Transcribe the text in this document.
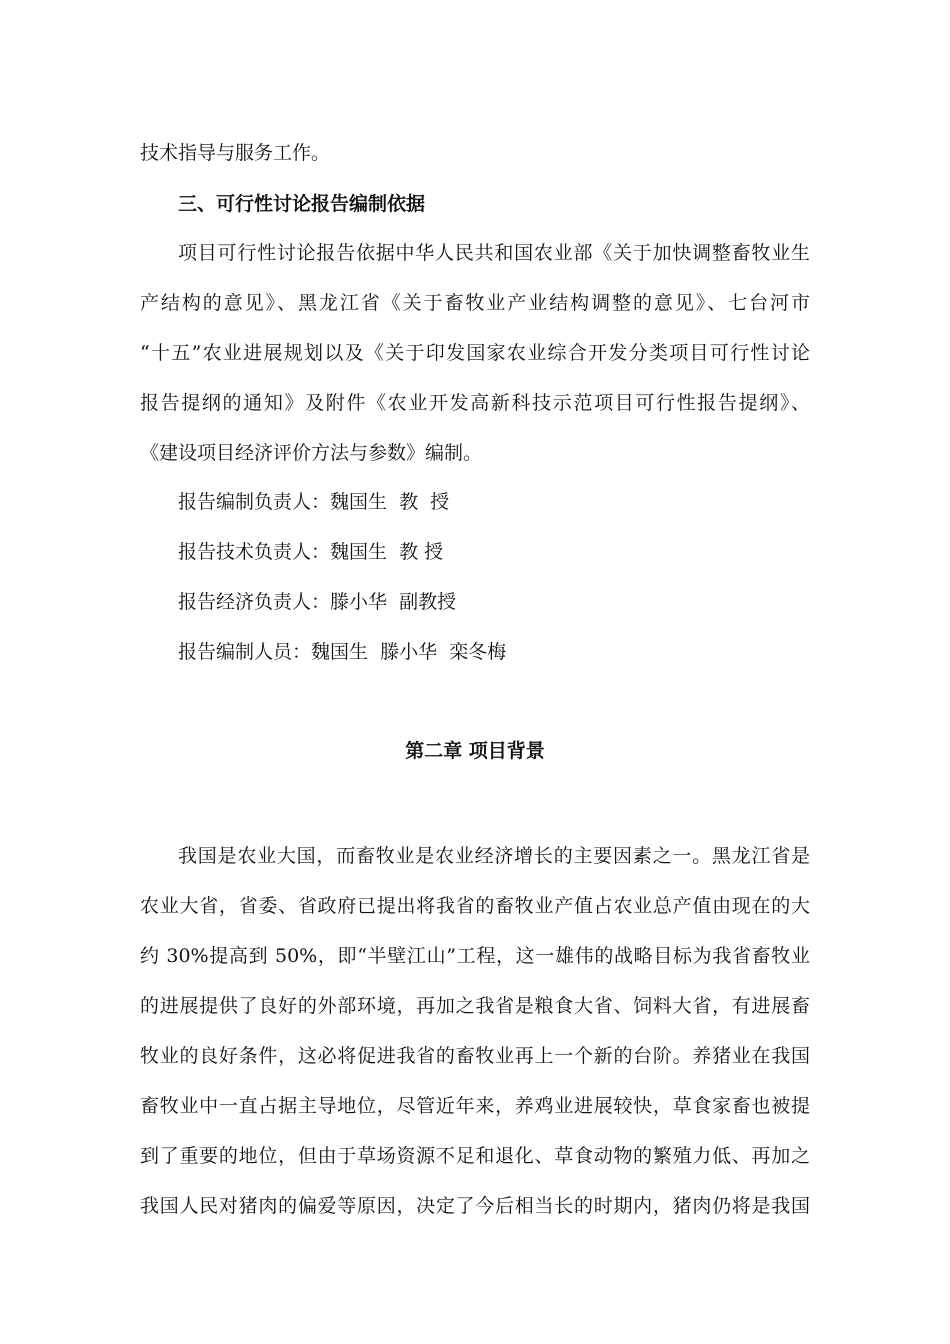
技术指导与服务工作。
三、可行性讨论报告编制依据
项目可行性讨论报告依据中华人民共和国农业部《关于加快调整畜牧业生
产结构的意见》、黑龙江省《关于畜牧业产业结构调整的意见》、七台河市
“十五”农业进展规划以及《关于印发国家农业综合开发分类项目可行性讨论
报告提纲的通知》及附件《农业开发高新科技示范项目可行性报告提纲》、
《建设项目经济评价方法与参数》编制。
报告编制负责人：魏国生  教  授
报告技术负责人：魏国生  教 授
报告经济负责人：滕小华  副教授
报告编制人员：魏国生  滕小华  栾冬梅
第二章 项目背景
我国是农业大国，而畜牧业是农业经济增长的主要因素之一。黑龙江省是
农业大省，省委、省政府已提出将我省的畜牧业产值占农业总产值由现在的大
约 30%提高到 50%，即“半壁江山”工程，这一雄伟的战略目标为我省畜牧业
的进展提供了良好的外部环境，再加之我省是粮食大省、饲料大省，有进展畜
牧业的良好条件，这必将促进我省的畜牧业再上一个新的台阶。养猪业在我国
畜牧业中一直占据主导地位，尽管近年来，养鸡业进展较快，草食家畜也被提
到了重要的地位，但由于草场资源不足和退化、草食动物的繁殖力低、再加之
我国人民对猪肉的偏爱等原因，决定了今后相当长的时期内，猪肉仍将是我国
